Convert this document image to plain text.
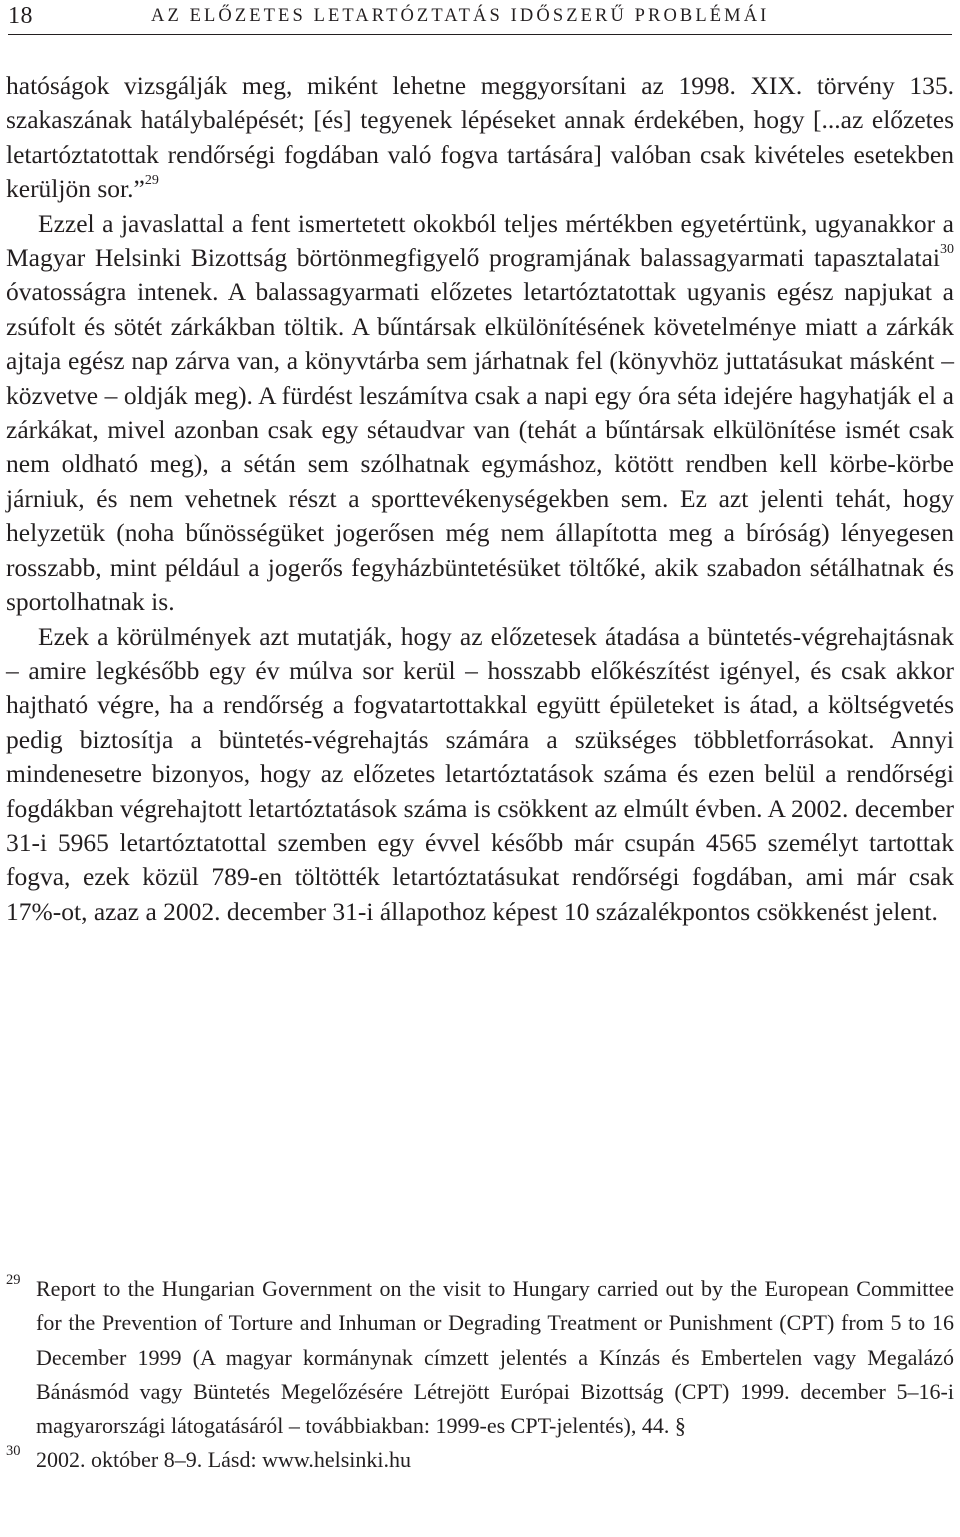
18	AZ ELŐZETES LETARTÓZTATÁS IDŐSZERŰ PROBLÉMÁI

hatóságok vizsgálják meg, miként lehetne meggyorsítani az 1998. XIX. törvény 135. szakaszának hatálybalépését; [és] tegyenek lépéseket annak érdekében, hogy [...az előzetes letartóztatottak rendőrségi fogdában való fogva tartására] valóban csak kivételes esetekben kerüljön sor.”$^{29}$

Ezzel a javaslattal a fent ismertetett okokból teljes mértékben egyetértünk, ugyanakkor a Magyar Helsinki Bizottság börtönmegfigyelő programjának balassagyarmati tapasztalatai$^{30}$ óvatosságra intenek. A balassagyarmati előzetes letartóztatottak ugyanis egész napjukat a zsúfolt és sötét zárkákban töltik. A bűntársak elkülönítésének követelménye miatt a zárkák ajtaja egész nap zárva van, a könyvtárba sem járhatnak fel (könyvhöz juttatásukat másként – közvetve – oldják meg). A fürdést leszámítva csak a napi egy óra séta idejére hagyhatják el a zárkákat, mivel azonban csak egy sétaudvar van (tehát a bűntársak elkülönítése ismét csak nem oldható meg), a sétán sem szólhatnak egymáshoz, kötött rendben kell körbe-körbe járniuk, és nem vehetnek részt a sporttevékenységekben sem. Ez azt jelenti tehát, hogy helyzetük (noha bűnösségüket jogerősen még nem állapította meg a bíróság) lényegesen rosszabb, mint például a jogerős fegyházbüntetésüket töltőké, akik szabadon sétálhatnak és sportolhatnak is.

Ezek a körülmények azt mutatják, hogy az előzetesek átadása a büntetés-végrehajtásnak – amire legkésőbb egy év múlva sor kerül – hosszabb előkészítést igényel, és csak akkor hajtható végre, ha a rendőrség a fogvatartottakkal együtt épületeket is átad, a költségvetés pedig biztosítja a büntetés-végrehajtás számára a szükséges többletforrásokat. Annyi mindenesetre bizonyos, hogy az előzetes letartóztatások száma és ezen belül a rendőrségi fogdákban végrehajtott letartóztatások száma is csökkent az elmúlt évben. A 2002. december 31-i 5965 letartóztatottal szemben egy évvel később már csupán 4565 személyt tartottak fogva, ezek közül 789-en töltötték letartóztatásukat rendőrségi fogdában, ami már csak 17%-ot, azaz a 2002. december 31-i állapothoz képest 10 százalékpontos csökkenést jelent.

29 Report to the Hungarian Government on the visit to Hungary carried out by the European Committee for the Prevention of Torture and Inhuman or Degrading Treatment or Punishment (CPT) from 5 to 16 December 1999 (A magyar kormánynak címzett jelentés a Kínzás és Embertelen vagy Megalázó Bánásmód vagy Büntetés Megelőzésére Létrejött Európai Bizottság (CPT) 1999. december 5–16-i magyarországi látogatásáról – továbbiakban: 1999-es CPT-jelentés), 44. §
30 2002. október 8–9. Lásd: www.helsinki.hu
